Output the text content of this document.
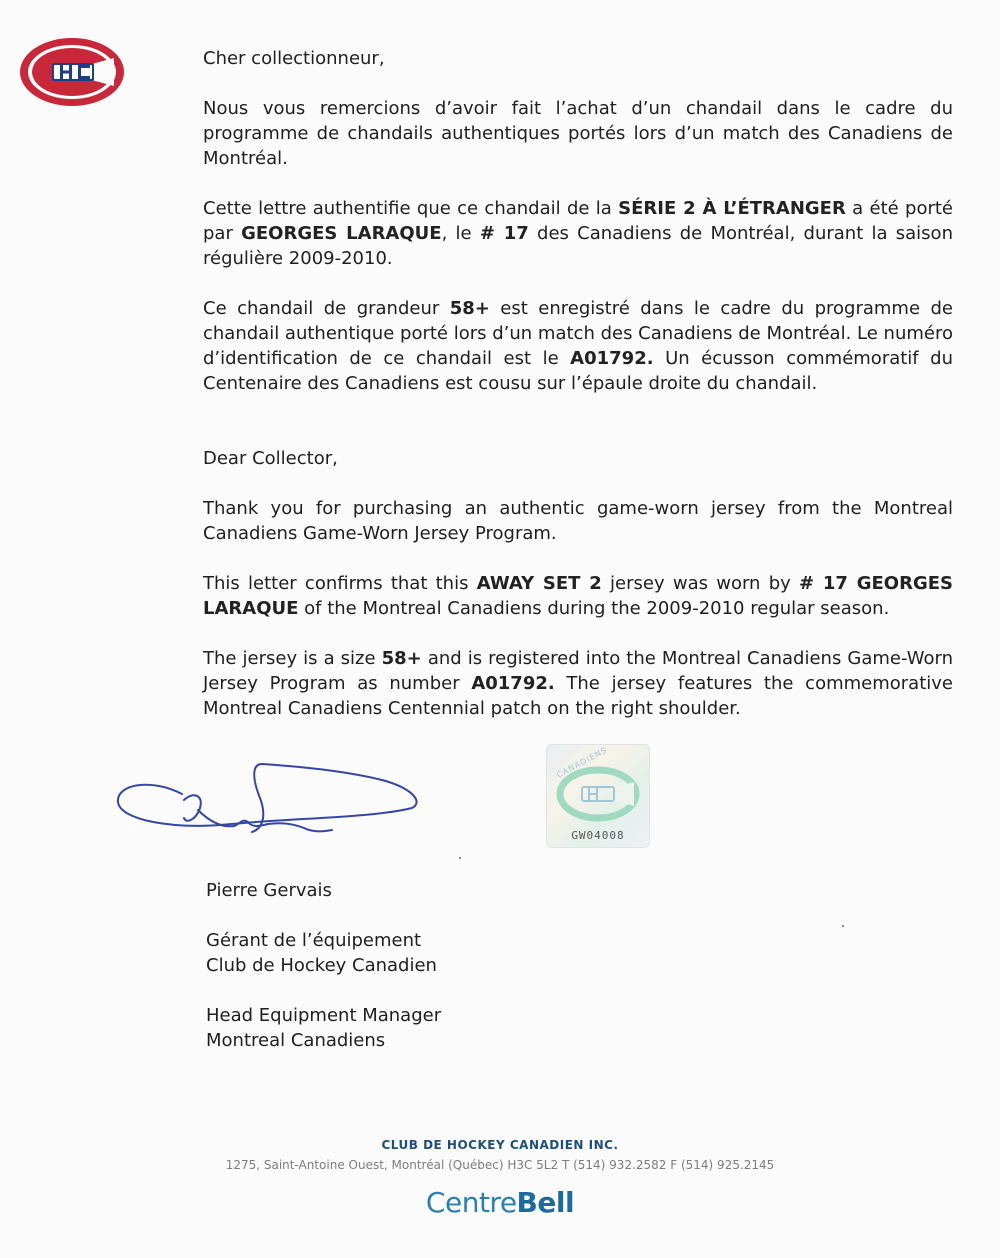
Cher collectionneur,

Nous vous remercions d’avoir fait l’achat d’un chandail dans le cadre du programme de chandails authentiques portés lors d’un match des Canadiens de Montréal.

Cette lettre authentifie que ce chandail de la SÉRIE 2 À L’ÉTRANGER a été porté par GEORGES LARAQUE, le # 17 des Canadiens de Montréal, durant la saison régulière 2009-2010.

Ce chandail de grandeur 58+ est enregistré dans le cadre du programme de chandail authentique porté lors d’un match des Canadiens de Montréal. Le numéro d’identification de ce chandail est le A01792. Un écusson commémoratif du Centenaire des Canadiens est cousu sur l’épaule droite du chandail.

Dear Collector,

Thank you for purchasing an authentic game-worn jersey from the Montreal Canadiens Game-Worn Jersey Program.

This letter confirms that this AWAY SET 2 jersey was worn by # 17 GEORGES LARAQUE of the Montreal Canadiens during the 2009-2010 regular season.

The jersey is a size 58+ and is registered into the Montreal Canadiens Game-Worn Jersey Program as number A01792. The jersey features the commemorative Montreal Canadiens Centennial patch on the right shoulder.

CANADIENS
GW04008
Pierre Gervais
Gérant de l’équipement
Club de Hockey Canadien
Head Equipment Manager
Montreal Canadiens
CLUB DE HOCKEY CANADIEN INC.
1275, Saint-Antoine Ouest, Montréal (Québec) H3C 5L2 T (514) 932.2582 F (514) 925.2145
CentreBell
